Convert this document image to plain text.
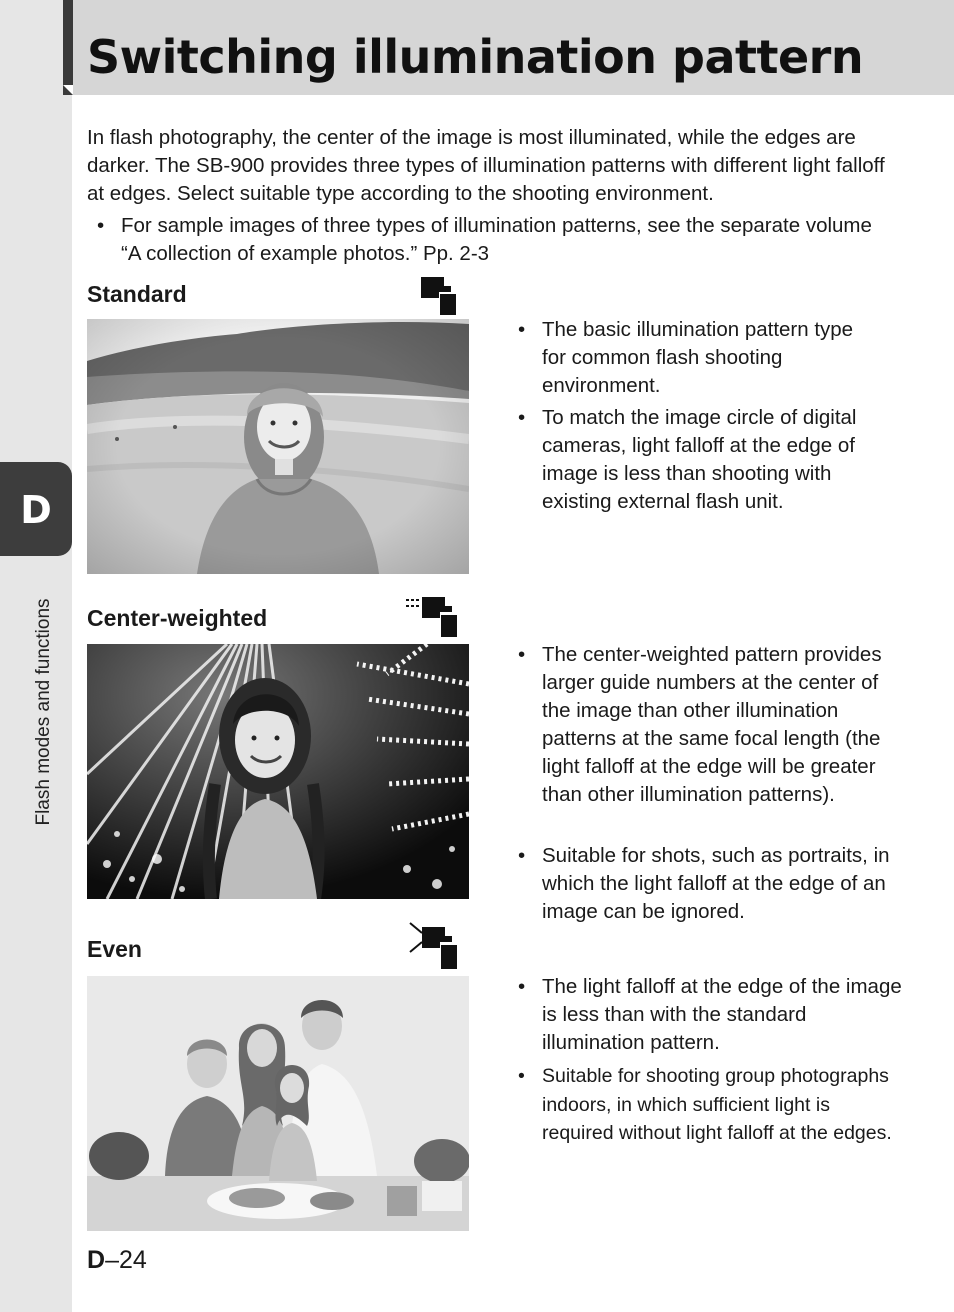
Switching illumination pattern
D
Flash modes and functions

In flash photography, the center of the image is most illuminated, while the edges are darker. The SB-900 provides three types of illumination patterns with different light falloff at edges. Select suitable type according to the shooting environment.

• For sample images of three types of illumination patterns, see the separate volume “A collection of example photos.” Pp. 2-3

Standard

• The basic illumination pattern type for common flash shooting environment.

• To match the image circle of digital cameras, light falloff at the edge of image is less than shooting with existing external flash unit.

Center-weighted

• The center-weighted pattern provides larger guide numbers at the center of the image than other illumination patterns at the same focal length (the light falloff at the edge will be greater than other illumination patterns).

• Suitable for shots, such as portraits, in which the light falloff at the edge of an image can be ignored.

Even

• The light falloff at the edge of the image is less than with the standard illumination pattern.

• Suitable for shooting group photographs indoors, in which sufficient light is required without light falloff at the edges.

D–24
